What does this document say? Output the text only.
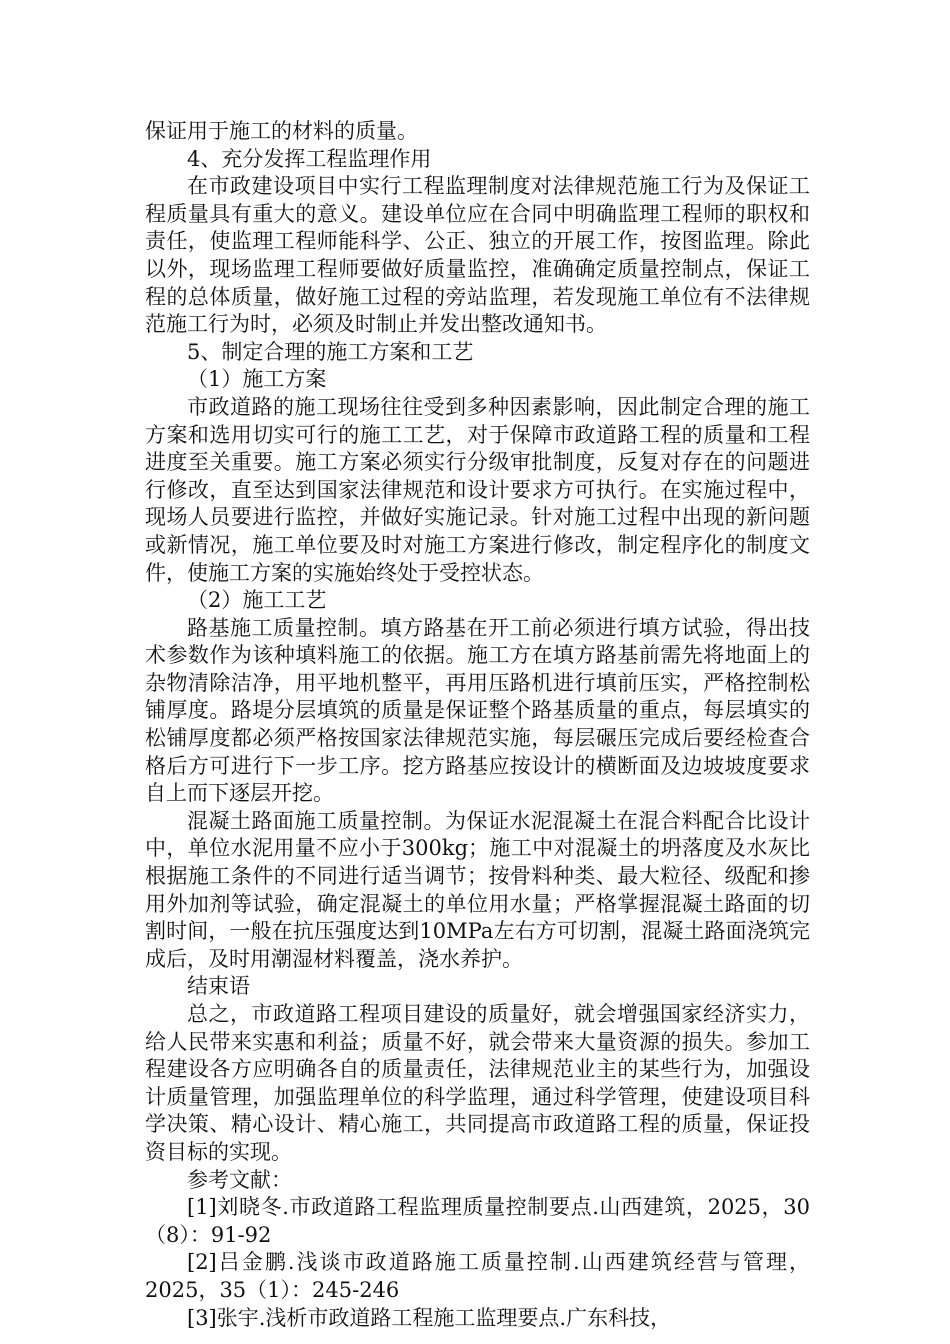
保证用于施工的材料的质量。

4、充分发挥工程监理作用

在市政建设项目中实行工程监理制度对法律规范施工行为及保证工程质量具有重大的意义。建设单位应在合同中明确监理工程师的职权和责任，使监理工程师能科学、公正、独立的开展工作，按图监理。除此以外，现场监理工程师要做好质量监控，准确确定质量控制点，保证工程的总体质量，做好施工过程的旁站监理，若发现施工单位有不法律规范施工行为时，必须及时制止并发出整改通知书。

5、制定合理的施工方案和工艺

（1）施工方案

市政道路的施工现场往往受到多种因素影响，因此制定合理的施工方案和选用切实可行的施工工艺，对于保障市政道路工程的质量和工程进度至关重要。施工方案必须实行分级审批制度，反复对存在的问题进行修改，直至达到国家法律规范和设计要求方可执行。在实施过程中，现场人员要进行监控，并做好实施记录。针对施工过程中出现的新问题或新情况，施工单位要及时对施工方案进行修改，制定程序化的制度文件，使施工方案的实施始终处于受控状态。

（2）施工工艺

路基施工质量控制。填方路基在开工前必须进行填方试验，得出技术参数作为该种填料施工的依据。施工方在填方路基前需先将地面上的杂物清除洁净，用平地机整平，再用压路机进行填前压实，严格控制松铺厚度。路堤分层填筑的质量是保证整个路基质量的重点，每层填实的松铺厚度都必须严格按国家法律规范实施，每层碾压完成后要经检查合格后方可进行下一步工序。挖方路基应按设计的横断面及边坡坡度要求自上而下逐层开挖。

混凝土路面施工质量控制。为保证水泥混凝土在混合料配合比设计中，单位水泥用量不应小于300kg；施工中对混凝土的坍落度及水灰比根据施工条件的不同进行适当调节；按骨料种类、最大粒径、级配和掺用外加剂等试验，确定混凝土的单位用水量；严格掌握混凝土路面的切割时间，一般在抗压强度达到10MPa左右方可切割，混凝土路面浇筑完成后，及时用潮湿材料覆盖，浇水养护。

结束语

总之，市政道路工程项目建设的质量好，就会增强国家经济实力，给人民带来实惠和利益；质量不好，就会带来大量资源的损失。参加工程建设各方应明确各自的质量责任，法律规范业主的某些行为，加强设计质量管理，加强监理单位的科学监理，通过科学管理，使建设项目科学决策、精心设计、精心施工，共同提高市政道路工程的质量，保证投资目标的实现。

参考文献：

[1]刘晓冬.市政道路工程监理质量控制要点.山西建筑，2025，30（8）：91-92

[2]吕金鹏.浅谈市政道路施工质量控制.山西建筑经营与管理，2025，35（1）：245-246

[3]张宇.浅析市政道路工程施工监理要点.广东科技，
